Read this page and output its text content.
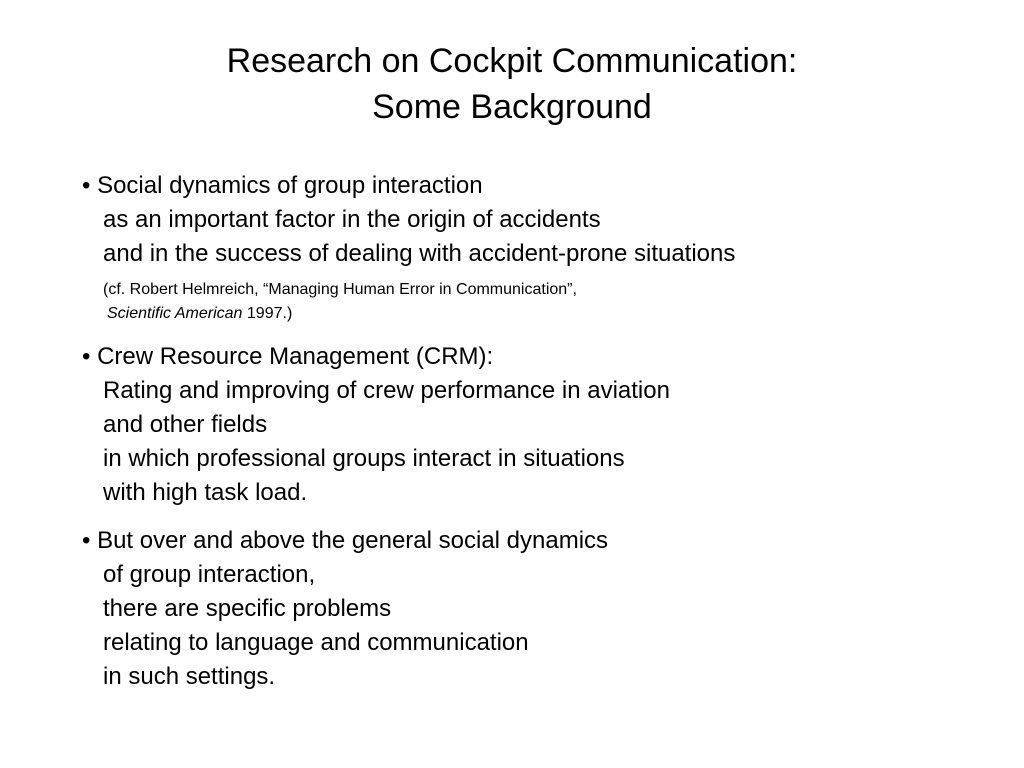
Research on Cockpit Communication:
Some Background
• Social dynamics of group interaction
as an important factor in the origin of accidents
and in the success of dealing with accident-prone situations
(cf. Robert Helmreich, “Managing Human Error in Communication”,
Scientific American 1997.)
• Crew Resource Management (CRM):
Rating and improving of crew performance in aviation
and other fields
in which professional groups interact in situations
with high task load.
• But over and above the general social dynamics
of group interaction,
there are specific problems
relating to language and communication
in such settings.
